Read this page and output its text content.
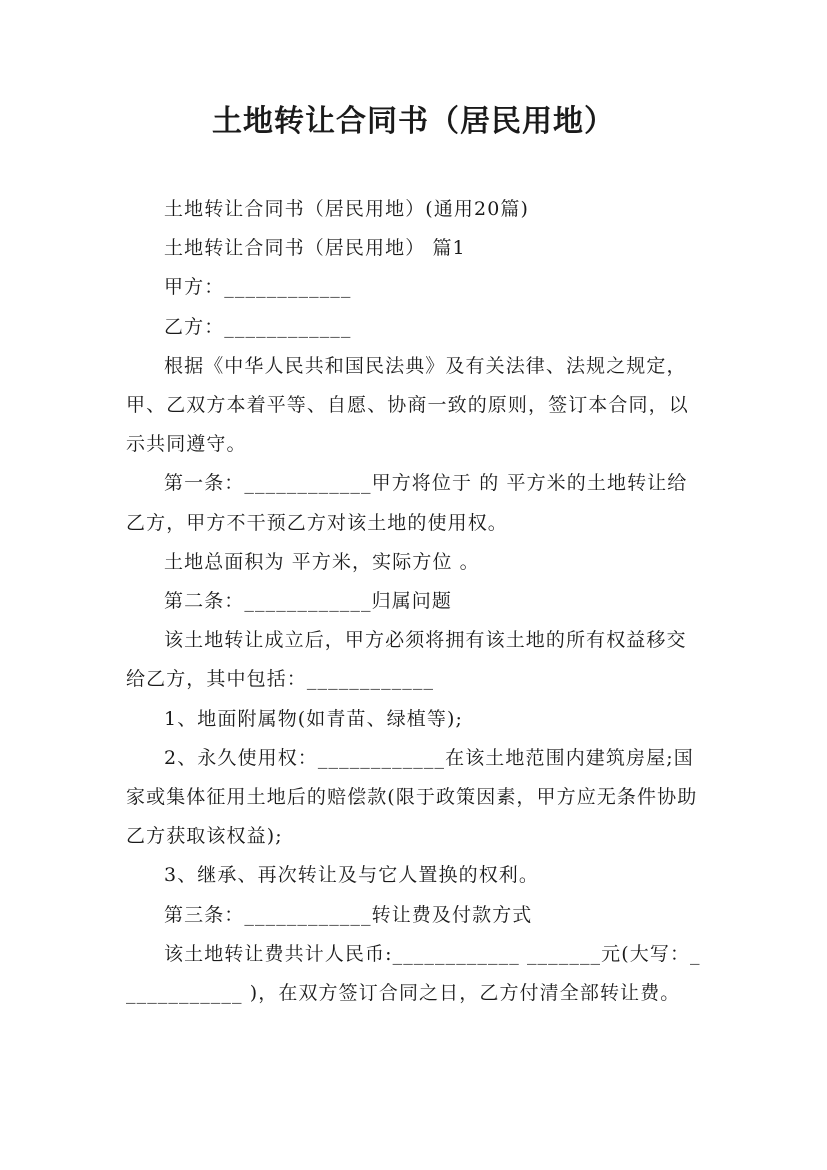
土地转让合同书（居民用地）

土地转让合同书（居民用地）(通用20篇)

土地转让合同书（居民用地） 篇1

甲方：____________

乙方：____________

根据《中华人民共和国民法典》及有关法律、法规之规定，甲、乙双方本着平等、自愿、协商一致的原则，签订本合同，以示共同遵守。

第一条：____________甲方将位于 的 平方米的土地转让给乙方，甲方不干预乙方对该土地的使用权。

土地总面积为 平方米，实际方位 。

第二条：____________归属问题

该土地转让成立后，甲方必须将拥有该土地的所有权益移交给乙方，其中包括：____________

1、地面附属物(如青苗、绿植等);

2、永久使用权：____________在该土地范围内建筑房屋;国家或集体征用土地后的赔偿款(限于政策因素，甲方应无条件协助乙方获取该权益);

3、继承、再次转让及与它人置换的权利。

第三条：____________转让费及付款方式

该土地转让费共计人民币:____________ _______元(大写：____________ )，在双方签订合同之日，乙方付清全部转让费。
